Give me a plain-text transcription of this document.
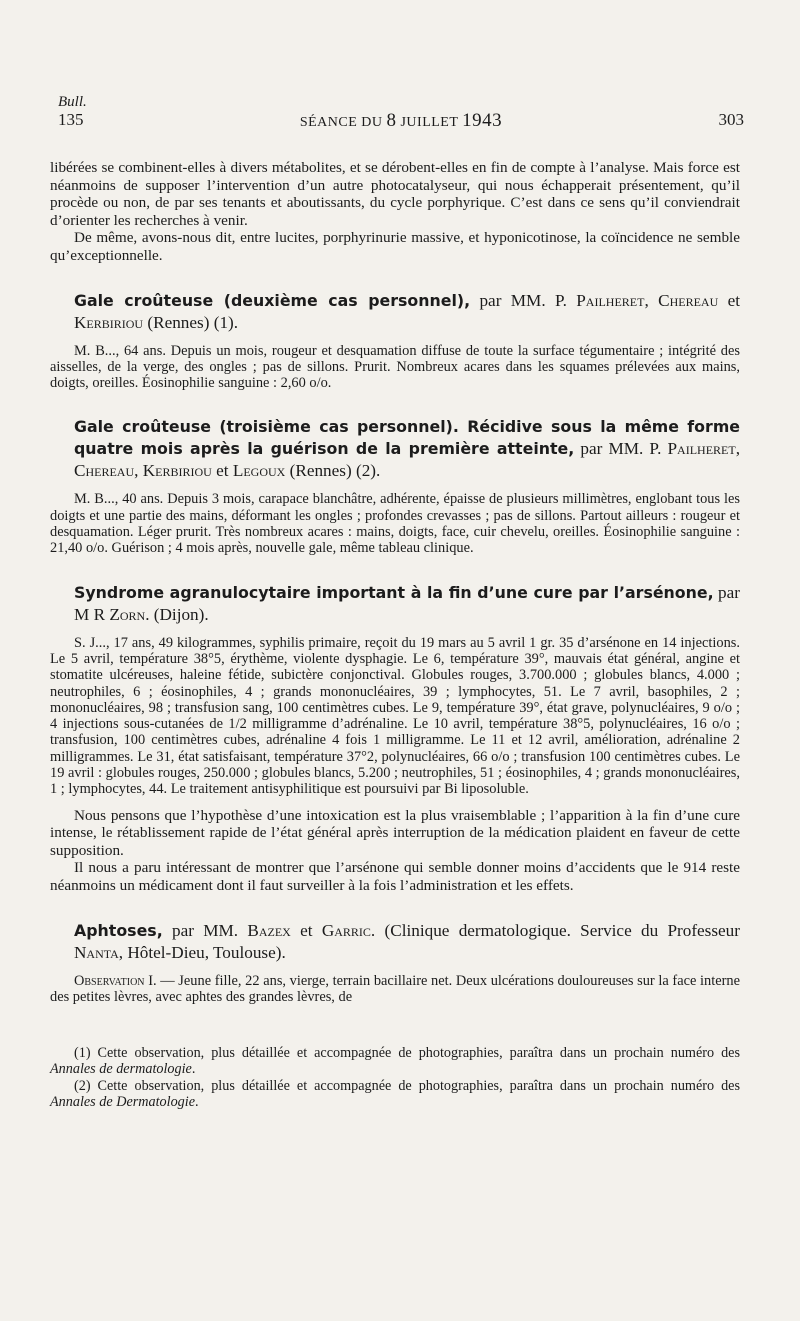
Bull.
135	SÉANCE DU 8 JUILLET 1943	303

libérées se combinent-elles à divers métabolites, et se dérobent-elles en fin de compte à l’analyse. Mais force est néanmoins de supposer l’intervention d’un autre photocatalyseur, qui nous échapperait présentement, qu’il procède ou non, de par ses tenants et aboutissants, du cycle porphyrique. C’est dans ce sens qu’il conviendrait d’orienter les recherches à venir.

De même, avons-nous dit, entre lucites, porphyrinurie massive, et hyponicotinose, la coïncidence ne semble qu’exceptionnelle.

Gale croûteuse (deuxième cas personnel), par MM. P. Pailheret, Chereau et Kerbiriou (Rennes) (1).

M. B..., 64 ans. Depuis un mois, rougeur et desquamation diffuse de toute la surface tégumentaire ; intégrité des aisselles, de la verge, des ongles ; pas de sillons. Prurit. Nombreux acares dans les squames prélevées aux mains, doigts, oreilles. Éosinophilie sanguine : 2,60 o/o.

Gale croûteuse (troisième cas personnel). Récidive sous la même forme quatre mois après la guérison de la première atteinte, par MM. P. Pailheret, Chereau, Kerbiriou et Legoux (Rennes) (2).

M. B..., 40 ans. Depuis 3 mois, carapace blanchâtre, adhérente, épaisse de plusieurs millimètres, englobant tous les doigts et une partie des mains, déformant les ongles ; profondes crevasses ; pas de sillons. Partout ailleurs : rougeur et desquamation. Léger prurit. Très nombreux acares : mains, doigts, face, cuir chevelu, oreilles. Éosinophilie sanguine : 21,40 o/o. Guérison ; 4 mois après, nouvelle gale, même tableau clinique.

Syndrome agranulocytaire important à la fin d’une cure par l’arsénone, par M R Zorn. (Dijon).

S. J..., 17 ans, 49 kilogrammes, syphilis primaire, reçoit du 19 mars au 5 avril 1 gr. 35 d’arsénone en 14 injections. Le 5 avril, température 38°5, érythème, violente dysphagie. Le 6, température 39°, mauvais état général, angine et stomatite ulcéreuses, haleine fétide, subictère conjonctival. Globules rouges, 3.700.000 ; globules blancs, 4.000 ; neutrophiles, 6 ; éosinophiles, 4 ; grands mononucléaires, 39 ; lymphocytes, 51. Le 7 avril, basophiles, 2 ; mononucléaires, 98 ; transfusion sang, 100 centimètres cubes. Le 9, température 39°, état grave, polynucléaires, 9 o/o ; 4 injections sous-cutanées de 1/2 milligramme d’adrénaline. Le 10 avril, température 38°5, polynucléaires, 16 o/o ; transfusion, 100 centimètres cubes, adrénaline 4 fois 1 milligramme. Le 11 et 12 avril, amélioration, adrénaline 2 milligrammes. Le 31, état satisfaisant, température 37°2, polynucléaires, 66 o/o ; transfusion 100 centimètres cubes. Le 19 avril : globules rouges, 250.000 ; globules blancs, 5.200 ; neutrophiles, 51 ; éosinophiles, 4 ; grands mononucléaires, 1 ; lymphocytes, 44. Le traitement antisyphilitique est poursuivi par Bi liposoluble.

Nous pensons que l’hypothèse d’une intoxication est la plus vraisemblable ; l’apparition à la fin d’une cure intense, le rétablissement rapide de l’état général après interruption de la médication plaident en faveur de cette supposition.

Il nous a paru intéressant de montrer que l’arsénone qui semble donner moins d’accidents que le 914 reste néanmoins un médicament dont il faut surveiller à la fois l’administration et les effets.

Aphtoses, par MM. Bazex et Garric. (Clinique dermatologique. Service du Professeur Nanta, Hôtel-Dieu, Toulouse).

Observation I. — Jeune fille, 22 ans, vierge, terrain bacillaire net. Deux ulcérations douloureuses sur la face interne des petites lèvres, avec aphtes des grandes lèvres, de

(1) Cette observation, plus détaillée et accompagnée de photographies, paraîtra dans un prochain numéro des Annales de dermatologie.

(2) Cette observation, plus détaillée et accompagnée de photographies, paraîtra dans un prochain numéro des Annales de Dermatologie.
